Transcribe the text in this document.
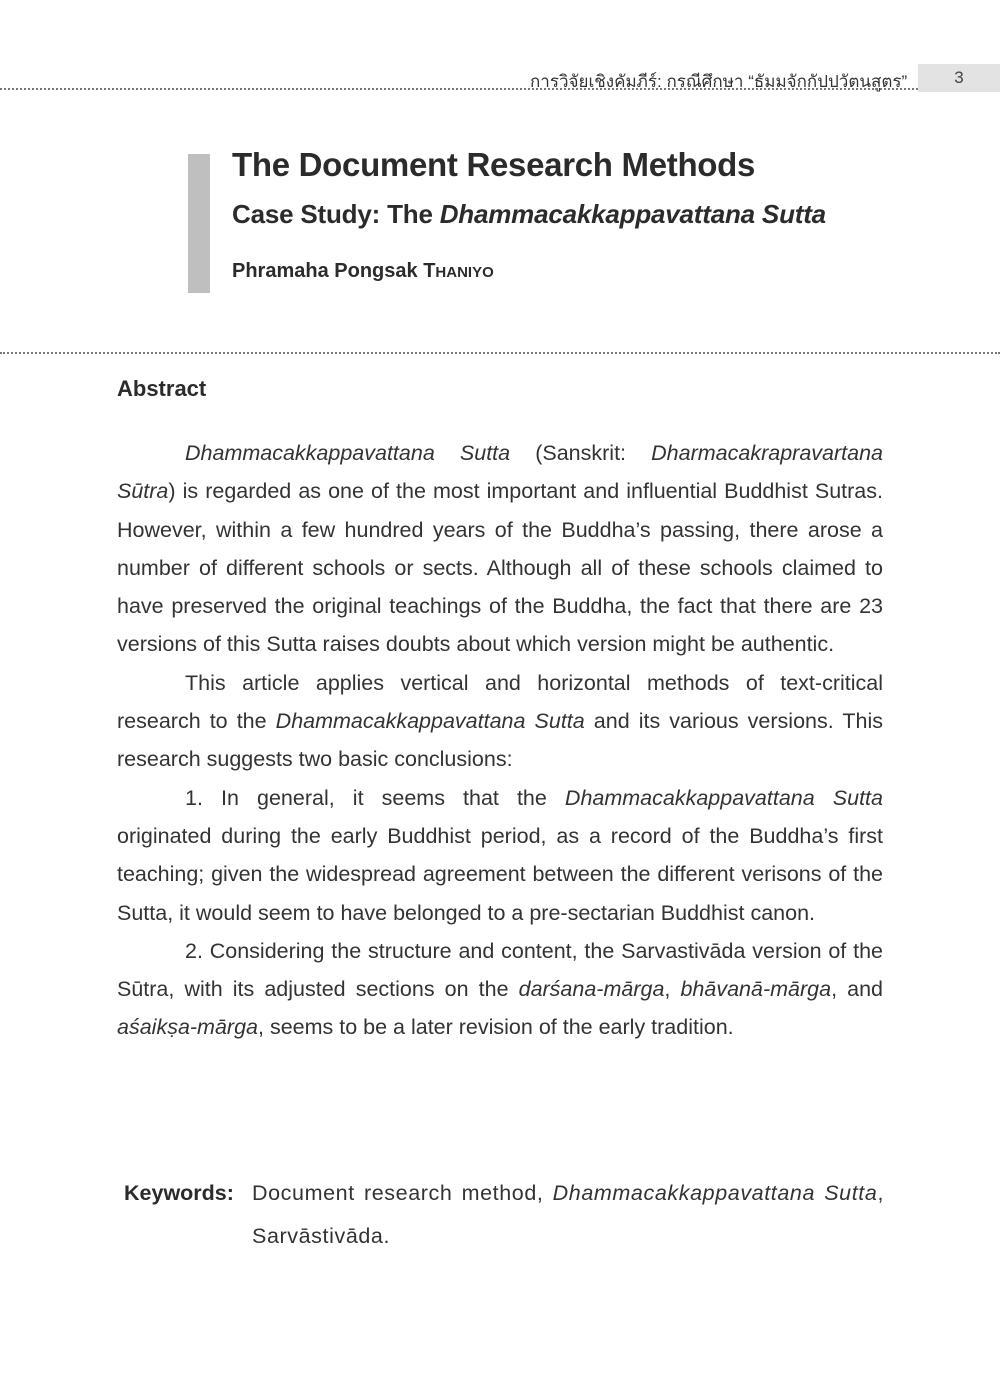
การวิจัยเชิงคัมภีร์: กรณีศึกษา “ธัมมจักกัปปวัตนสูตร”	3
The Document Research Methods
Case Study: The Dhammacakkappavattana Sutta
Phramaha Pongsak THANIYO
Abstract

Dhammacakkappavattana Sutta (Sanskrit: Dharmacakrapravartana Sūtra) is regarded as one of the most important and influential Buddhist Sutras. However, within a few hundred years of the Buddha’s passing, there arose a number of different schools or sects. Although all of these schools claimed to have preserved the original teachings of the Buddha, the fact that there are 23 versions of this Sutta raises doubts about which version might be authentic.

This article applies vertical and horizontal methods of text-critical research to the Dhammacakkappavattana Sutta and its various versions. This research suggests two basic conclusions:

1. In general, it seems that the Dhammacakkappavattana Sutta originated during the early Buddhist period, as a record of the Buddha’s first teaching; given the widespread agreement between the different verisons of the Sutta, it would seem to have belonged to a pre-sectarian Buddhist canon.

2. Considering the structure and content, the Sarvastivāda version of the Sūtra, with its adjusted sections on the darśana-mārga, bhāvanā-mārga, and aśaikṣa-mārga, seems to be a later revision of the early tradition.

Keywords: Document research method, Dhammacakkappavattana Sutta, Sarvāstivāda.
